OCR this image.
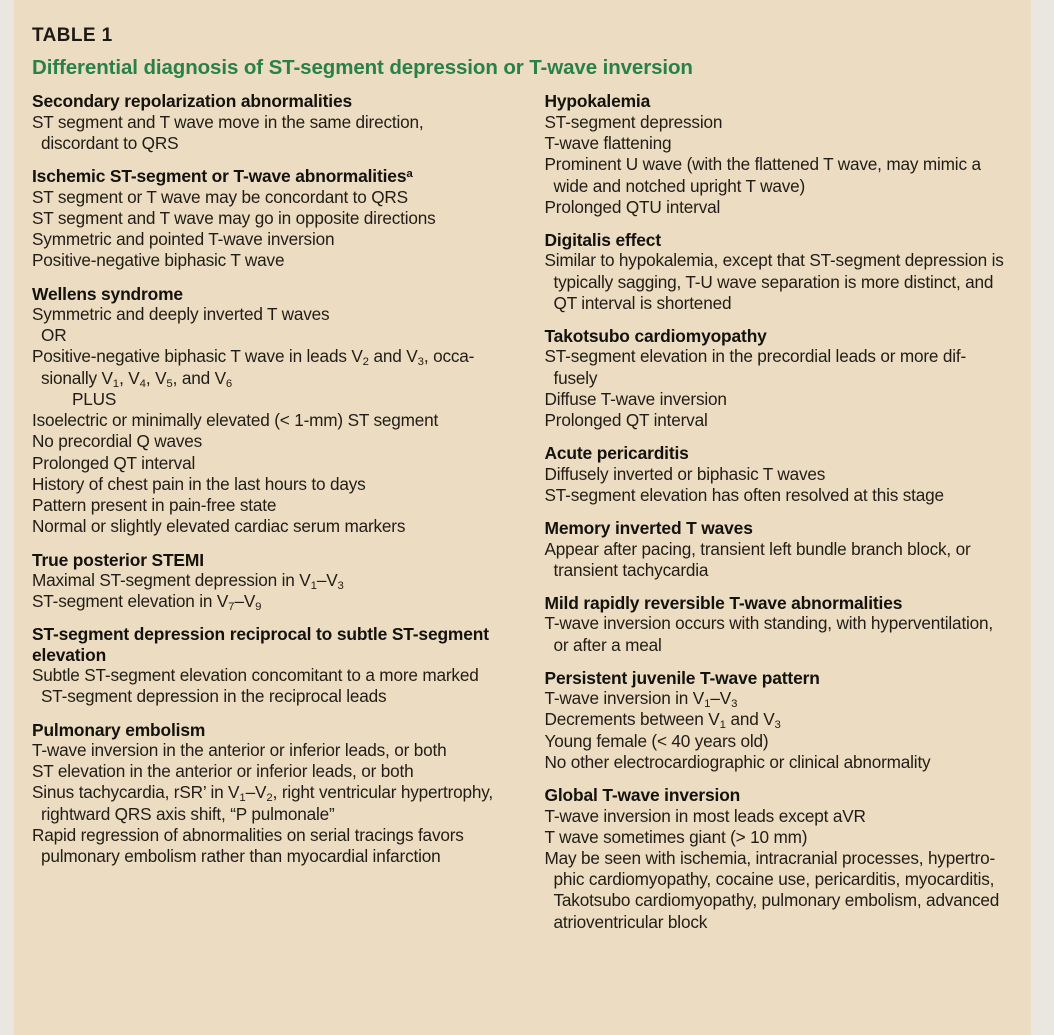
TABLE 1
Differential diagnosis of ST-segment depression or T-wave inversion
Secondary repolarization abnormalities
ST segment and T wave move in the same direction,
discordant to QRS
Ischemic ST-segment or T-wave abnormalities$^a$
ST segment or T wave may be concordant to QRS
ST segment and T wave may go in opposite directions
Symmetric and pointed T-wave inversion
Positive-negative biphasic T wave
Wellens syndrome
Symmetric and deeply inverted T waves
OR
Positive-negative biphasic T wave in leads $V_2$ and $V_3$, occa-
sionally $V_1$, $V_4$, $V_5$, and $V_6$
PLUS
Isoelectric or minimally elevated (< 1-mm) ST segment
No precordial Q waves
Prolonged QT interval
History of chest pain in the last hours to days
Pattern present in pain-free state
Normal or slightly elevated cardiac serum markers
True posterior STEMI
Maximal ST-segment depression in $V_1-V_3$
ST-segment elevation in $V_7-V_9$
ST-segment depression reciprocal to subtle ST-segment elevation
Subtle ST-segment elevation concomitant to a more marked
ST-segment depression in the reciprocal leads
Pulmonary embolism
T-wave inversion in the anterior or inferior leads, or both
ST elevation in the anterior or inferior leads, or both
Sinus tachycardia, rSR’ in $V_1-V_2$, right ventricular hypertrophy,
rightward QRS axis shift, “P pulmonale”
Rapid regression of abnormalities on serial tracings favors
pulmonary embolism rather than myocardial infarction
Hypokalemia
ST-segment depression
T-wave flattening
Prominent U wave (with the flattened T wave, may mimic a
wide and notched upright T wave)
Prolonged QTU interval
Digitalis effect
Similar to hypokalemia, except that ST-segment depression is
typically sagging, T-U wave separation is more distinct, and
QT interval is shortened
Takotsubo cardiomyopathy
ST-segment elevation in the precordial leads or more dif-
fusely
Diffuse T-wave inversion
Prolonged QT interval
Acute pericarditis
Diffusely inverted or biphasic T waves
ST-segment elevation has often resolved at this stage
Memory inverted T waves
Appear after pacing, transient left bundle branch block, or
transient tachycardia
Mild rapidly reversible T-wave abnormalities
T-wave inversion occurs with standing, with hyperventilation,
or after a meal
Persistent juvenile T-wave pattern
T-wave inversion in $V_1-V_3$
Decrements between $V_1$ and $V_3$
Young female (< 40 years old)
No other electrocardiographic or clinical abnormality
Global T-wave inversion
T-wave inversion in most leads except aVR
T wave sometimes giant (> 10 mm)
May be seen with ischemia, intracranial processes, hypertro-
phic cardiomyopathy, cocaine use, pericarditis, myocarditis,
Takotsubo cardiomyopathy, pulmonary embolism, advanced
atrioventricular block
